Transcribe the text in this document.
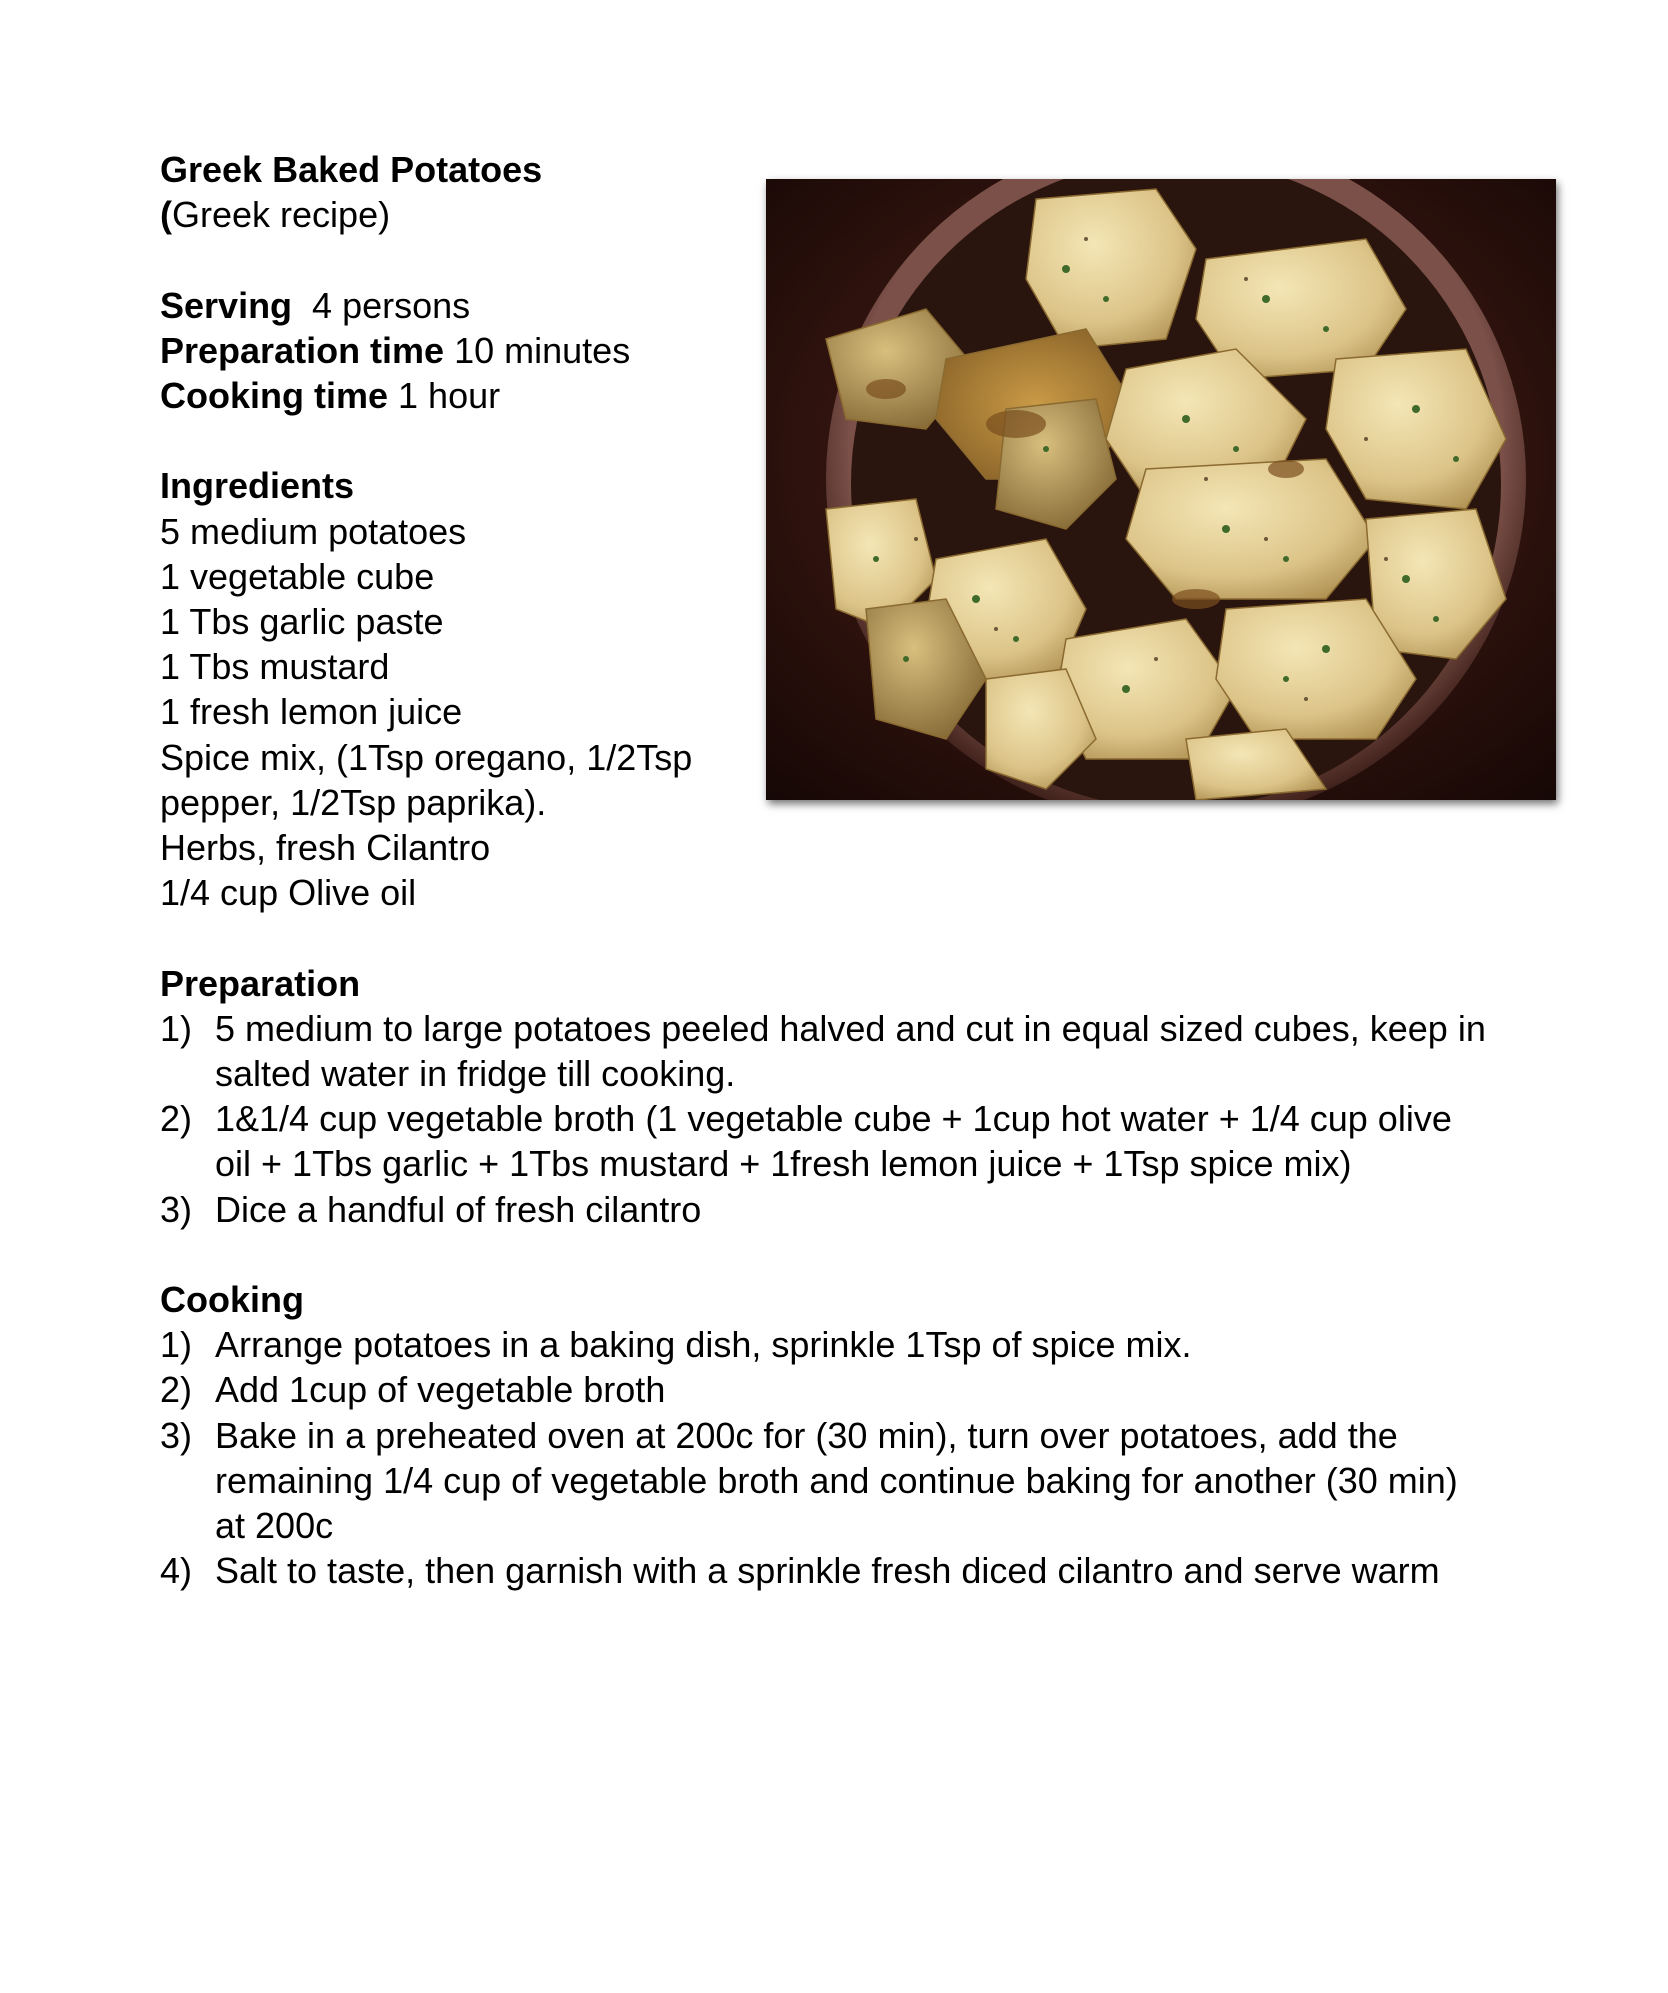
Greek Baked Potatoes
(Greek recipe)
Serving  4 persons
Preparation time 10 minutes
Cooking time 1 hour
Ingredients
5 medium potatoes
1 vegetable cube
1 Tbs garlic paste
1 Tbs mustard
1 fresh lemon juice
Spice mix, (1Tsp oregano, 1/2Tsp
pepper, 1/2Tsp paprika).
Herbs, fresh Cilantro
1/4 cup Olive oil
Preparation
1) 5 medium to large potatoes peeled halved and cut in equal sized cubes, keep in
salted water in fridge till cooking.
2) 1&1/4 cup vegetable broth (1 vegetable cube + 1cup hot water + 1/4 cup olive
oil + 1Tbs garlic + 1Tbs mustard + 1fresh lemon juice + 1Tsp spice mix)
3) Dice a handful of fresh cilantro
Cooking
1) Arrange potatoes in a baking dish, sprinkle 1Tsp of spice mix.
2) Add 1cup of vegetable broth
3) Bake in a preheated oven at 200c for (30 min), turn over potatoes, add the
remaining 1/4 cup of vegetable broth and continue baking for another (30 min)
at 200c
4) Salt to taste, then garnish with a sprinkle fresh diced cilantro and serve warm
